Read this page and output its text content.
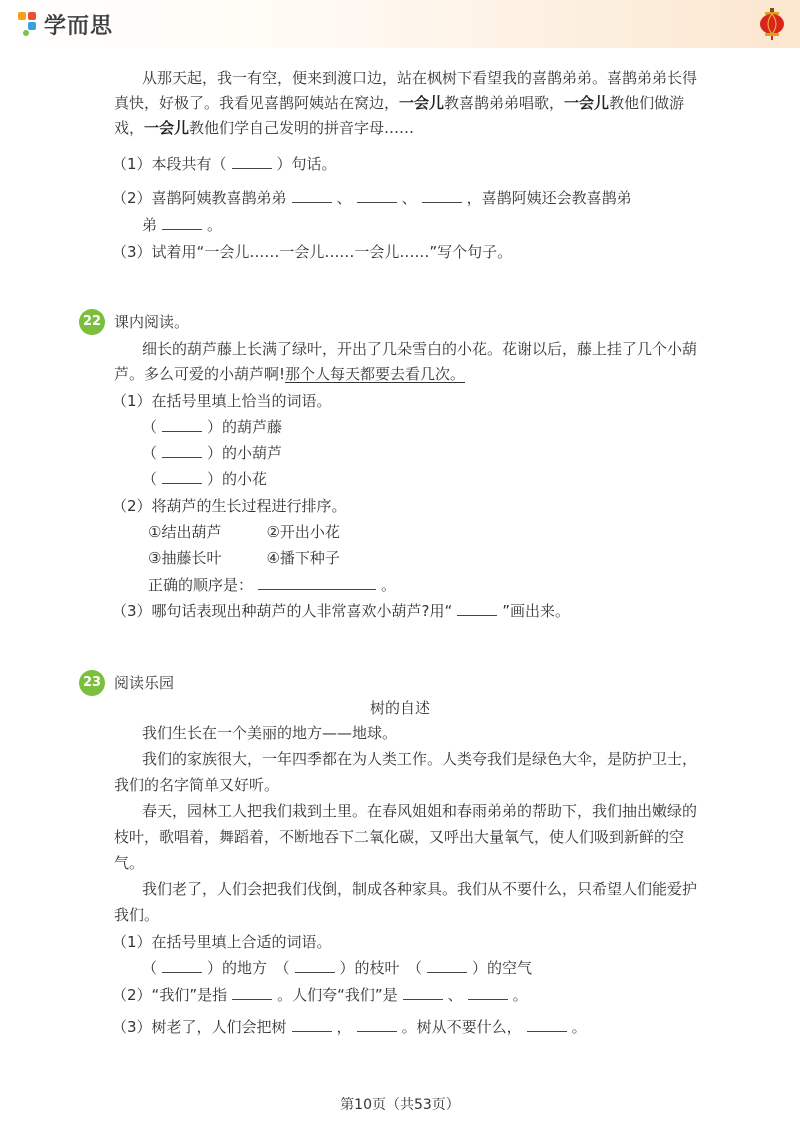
学而思
从那天起，我一有空，便来到渡口边，站在枫树下看望我的喜鹊弟弟。喜鹊弟弟长得
真快，好极了。我看见喜鹊阿姨站在窝边，一会儿教喜鹊弟弟唱歌，一会儿教他们做游
戏，一会儿教他们学自己发明的拼音字母……
（1）本段共有（	）句话。
（2）喜鹊阿姨教喜鹊弟弟	、	、	，喜鹊阿姨还会教喜鹊弟
　　弟	。
（3）试着用“一会儿……一会儿……一会儿……”写个句子。
22 课内阅读。
细长的葫芦藤上长满了绿叶，开出了几朵雪白的小花。花谢以后，藤上挂了几个小葫
芦。多么可爱的小葫芦啊!那个人每天都要去看几次。
（1）在括号里填上恰当的词语。
（	）的葫芦藤
（	）的小葫芦
（	）的小花
（2）将葫芦的生长过程进行排序。
①结出葫芦　　　②开出小花
③抽藤长叶　　　④播下种子
正确的顺序是：	。
（3）哪句话表现出种葫芦的人非常喜欢小葫芦?用“	”画出来。
23 阅读乐园
树的自述
我们生长在一个美丽的地方——地球。
我们的家族很大，一年四季都在为人类工作。人类夸我们是绿色大伞，是防护卫士，
我们的名字简单又好听。
春天，园林工人把我们栽到土里。在春风姐姐和春雨弟弟的帮助下，我们抽出嫩绿的
枝叶，歌唱着，舞蹈着，不断地吞下二氧化碳，又呼出大量氧气，使人们吸到新鲜的空
气。
我们老了，人们会把我们伐倒，制成各种家具。我们从不要什么，只希望人们能爱护
我们。
（1）在括号里填上合适的词语。
（	）的地方　（	）的枝叶　（	）的空气
（2）“我们”是指	。人们夸“我们”是	、	。
（3）树老了，人们会把树	，	。树从不要什么，	。
第10页（共53页）
